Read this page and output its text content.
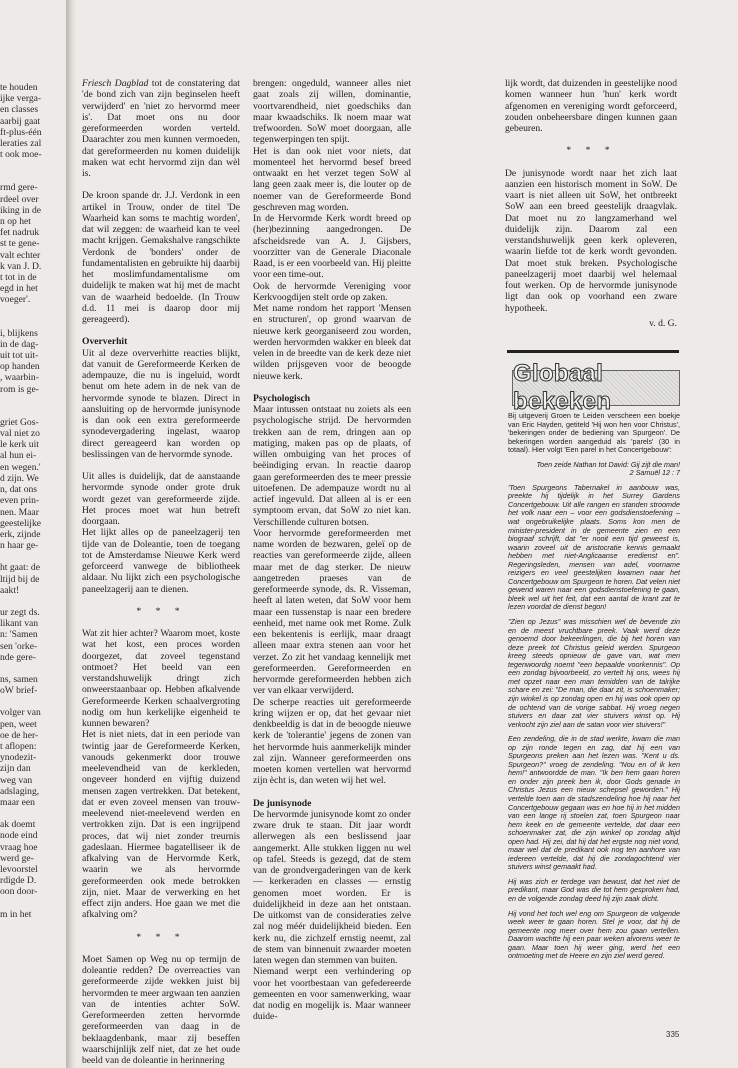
te houden
ijke verga-
en classes
aarbij gaat
ft-plus-één
leraties zal
t ook moe-
rmd gere-
rdeel over
iking in de
n op het
fet nadruk
st te gene-
valt echter
k van J. D.
t tot in de
egd in het
voeger'.
i, blijkens
in de dag-
uit tot uit-
op handen
, waarbin-
rom is ge-
griet Gos-
val niet zo
le kerk uit
al hun ei-
en wegen.'
d zijn. We
n, dat ons
even prin-
nen. Maar
geestelijke
erk, zijnde
n haar ge-
ht gaat: de
ltijd bij de
aakt!
ur zegt ds.
likant van
n: 'Samen
sen 'orke-
nde gere-
ns, samen
oW brief-
volger van
pen, weet
oe de her-
t aflopen:
ynodezit-
zijn dan
weg van
adslaging,
maar een
ak doemt
node eind
vraag hoe
werd ge-
levoorstel
rdigde D.
oon door-
m in het

Friesch Dagblad tot de constatering dat 'de bond zich van zijn beginselen heeft verwijderd' en 'niet zo hervormd meer is'. Dat moet ons nu door gereformeerden worden verteld. Daarachter zou men kunnen vermoeden, dat gereformeerden nu komen duidelijk maken wat echt hervormd zijn dan wèl is.

De kroon spande dr. J.J. Verdonk in een artikel in Trouw, onder de titel 'De Waarheid kan soms te machtig worden', dat wil zeggen: de waarheid kan te veel macht krijgen. Gemakshalve rangschikte Verdonk de 'bonders' onder de fundamentalisten en gebruikte hij daarbij het moslimfundamentalisme om duidelijk te maken wat hij met de macht van de waarheid bedoelde. (In Trouw d.d. 11 mei is daarop door mij gereageerd).

Oververhit

Uit al deze oververhitte reacties blijkt, dat vanuit de Gereformeerde Kerken de adempauze, die nu is ingeluid, wordt benut om hete adem in de nek van de hervormde synode te blazen. Direct in aansluiting op de hervormde junisynode is dan ook een extra gereformeerde synodevergadering ingelast, waarop direct gereageerd kan worden op beslissingen van de hervormde synode.

Uit alles is duidelijk, dat de aanstaande hervormde synode onder grote druk wordt gezet van gereformeerde zijde. Het proces moet wat hun betreft doorgaan.

Het lijkt alles op de paneelzagerij ten tijde van de Doleantie, toen de toegang tot de Amsterdamse Nieuwe Kerk werd geforceerd vanwege de bibliotheek aldaar. Nu lijkt zich een psychologische paneelzagerij aan te dienen.

* * *

Wat zit hier achter? Waarom moet, koste wat het kost, een proces worden doorgezet, dat zoveel tegenstand ontmoet? Het beeld van een verstandshuwelijk dringt zich onweerstaanbaar op. Hebben afkalvende Gereformeerde Kerken schaalvergroting nodig om hun kerkelijke eigenheid te kunnen bewaren?

Het is niet niets, dat in een periode van twintig jaar de Gereformeerde Kerken, vanouds gekenmerkt door trouwe meelevendheid van de kerkleden, ongeveer honderd en vijftig duizend mensen zagen vertrekken. Dat betekent, dat er even zoveel mensen van trouw-meelevend niet-meelevend werden en vertrokken zijn. Dat is een ingrijpend proces, dat wij niet zonder treurnis gadeslaan. Hiermee bagatelliseer ik de afkalving van de Hervormde Kerk, waarin we als hervormde gereformeerden ook mede betrokken zijn, niet. Maar de verwerking en het effect zijn anders. Hoe gaan we met die afkalving om?

* * *

Moet Samen op Weg nu op termijn de doleantie redden? De overreacties van gereformeerde zijde wekken juist bij hervormden te meer argwaan ten aanzien van de intenties achter SoW. Gereformeerden zetten hervormde gereformeerden van daag in de beklaagdenbank, maar zij beseffen waarschijnlijk zelf niet, dat ze het oude beeld van de doleantie in herinnering

brengen: ongeduld, wanneer alles niet gaat zoals zij willen, dominantie, voortvarendheid, niet goedschiks dan maar kwaadschiks. Ik noem maar wat trefwoorden. SoW moet doorgaan, alle tegenwerpingen ten spijt.

Het is dan ook niet voor niets, dat momenteel het hervormd besef breed ontwaakt en het verzet tegen SoW al lang geen zaak meer is, die louter op de noemer van de Gereformeerde Bond geschreven mag worden.

In de Hervormde Kerk wordt breed op (her)bezinning aangedrongen. De afscheidsrede van A. J. Gijsbers, voorzitter van de Generale Diaconale Raad, is er een voorbeeld van. Hij pleitte voor een time-out.

Ook de hervormde Vereniging voor Kerkvoogdijen stelt orde op zaken.

Met name rondom het rapport 'Mensen en structuren', op grond waarvan de nieuwe kerk georganiseerd zou worden, werden hervormden wakker en bleek dat velen in de breedte van de kerk deze niet wilden prijsgeven voor de beoogde nieuwe kerk.

Psychologisch

Maar intussen ontstaat nu zoiets als een psychologische strijd. De hervormden trekken aan de rem, dringen aan op matiging, maken pas op de plaats, of willen ombuiging van het proces of beëindiging ervan. In reactie daarop gaan gereformeerden des te meer pressie uitoefenen. De adempauze wordt nu al actief ingevuld. Dat alleen al is er een symptoom ervan, dat SoW zo niet kan. Verschillende culturen botsen.

Voor hervormde gereformeerden met name worden de bezwaren, geleï op de reacties van gereformeerde zijde, alleen maar met de dag sterker. De nieuw aangetreden praeses van de gereformeerde synode, ds. R. Visseman, heeft al laten weten, dat SoW voor hem maar een tussenstap is naar een bredere eenheid, met name ook met Rome. Zulk een bekentenis is eerlijk, maar draagt alleen maar extra stenen aan voor het verzet. Zo zit het vandaag kennelijk met gereformeerden. Gereformeerden en hervormde gereformeerden hebben zich ver van elkaar verwijderd.

De scherpe reacties uit gereformeerde kring wijzen er op, dat het gevaar niet denkbeeldig is dat in de beoogde nieuwe kerk de 'tolerantie' jegens de zonen van het hervormde huis aanmerkelijk minder zal zijn. Wanneer gereformeerden ons moeten komen vertellen wat hervormd zijn ècht is, dan weten wij het wel.

De junisynode

De hervormde junisynode komt zo onder zware druk te staan. Dit jaar wordt allerwegen als een beslissend jaar aangemerkt. Alle stukken liggen nu wel op tafel. Steeds is gezegd, dat de stem van de grondvergaderingen van de kerk — kerkeraden en classes — ernstig genomen moet worden. Er is duidelijkheid in deze aan het ontstaan. De uitkomst van de consideraties zelve zal nog méér duidelijkheid bieden. Een kerk nu, die zichzelf ernstig neemt, zal de stem van binnenuit zwaarder moeten laten wegen dan stemmen van buiten.

Niemand werpt een verhindering op voor het voortbestaan van gefedereerde gemeenten en voor samenwerking, waar dat nodig en mogelijk is. Maar wanneer duide-

lijk wordt, dat duizenden in geestelijke nood komen wanneer hun 'hun' kerk wordt afgenomen en vereniging wordt geforceerd, zouden onbeheersbare dingen kunnen gaan gebeuren.

* * *

De junisynode wordt naar het zich laat aanzien een historisch moment in SoW. De vaart is niet alleen uit SoW, het ontbreekt SoW aan een breed geestelijk draagvlak. Dat moet nu zo langzamerhand wel duidelijk zijn. Daarom zal een verstandshuwelijk geen kerk opleveren, waarin liefde tot de kerk wordt gevonden. Dat moet stuk breken. Psychologische paneelzagerij moet daarbij wel helemaal fout werken. Op de hervormde junisynode ligt dan ook op voorhand een zware hypotheek.

v. d. G.
Globaal bekeken

Bij uitgeverij Groen te Leiden verscheen een boekje van Eric Hayden, getiteld 'Hij won hen voor Christus', 'bekeringen onder de bediening van Spurgeon'. De bekeringen worden aangeduid als 'parels' (30 in totaal). Hier volgt 'Een parel in het Concertgebouw':

Toen zeide Nathan tot David: Gij zijt die man!
2 Samuël 12 : 7

'Toen Spurgeons Tabernakel in aanbouw was, preekte hij tijdelijk in het Surrey Gardens Concertgebouw. Uit alle rangen en standen stroomde het volk naar een – voor een godsdienstoefening – wat ongebruikelijke plaats. Soms kon men de minister-president in de gemeente zien en een biograaf schrijft, dat "er nooit een tijd geweest is, waarin zoveel uit de aristocratie kennis gemaakt hebben met niet-Anglicaanse eredienst en". Regeringsleden, mensen van adel, voorname reizigers en veel geestelijken kwamen naar het Concertgebouw om Spurgeon te horen. Dat velen niet gewend waren naar een godsdienstoefening te gaan, bleek wel uit het feit, dat een aantal de krant zat te lezen voordat de dienst begon!

"Zien op Jezus" was misschien wel de bevende zin en de meest vruchtbare preek. Vaak werd deze genoemd door bekeerlingen, die bij het horen van deze preek tot Christus geleid werden. Spurgeon kreeg steeds opnieuw de gave van, wat men tegenwoordig noemt "een bepaalde voorkennis". Op een zondag bijvoorbeeld, zo vertelt hij ons, wees hij met opzet naar een man temidden van de talrijke schare en zei: "De man, die daar zit, is schoenmaker; zijn winkel is op zondag open en hij was ook open op de ochtend van de vorige sabbat. Hij vroeg negen stuivers en daar zat vier stuivers winst op. Hij verkocht zijn ziel aan de satan voor vier stuivers!"

Een zendeling, die in de stad werkte, kwam die man op zijn ronde tegen en zag, dat hij een van Spurgeons preken aan het lezen was. "Kent u ds. Spurgeon?" vroeg de zendeling. "Nou en of ik ken hem!" antwoordde de man. "Ik ben hem gaan horen en onder zijn preek ben ik, door Gods genade in Christus Jezus een nieuw schepsel geworden." Hij vertelde toen aan de stadszendeling hoe hij naar het Concertgebouw gegaan was en hoe hij in het midden van een lange rij stoelen zat, toen Spurgeon naar hem keek en de gemeente vertelde, dat daar een schoenmaker zat, die zijn winkel op zondag altijd open had. Hij zei, dat hij dat het ergste nog niet vond, maar wel dat de predikant ook nog ten aanhore van iedereen vertelde, dat hij die zondagochtend vier stuivers winst gemaakt had.

Hij was zich er terdege van bewust, dat het niet de predikant, maar God was die tot hem gesproken had, en de volgende zondag deed hij zijn zaak dicht.

Hij vond het toch wel eng om Spurgeon de volgende week weer te gaan horen. Stel je voor, dat hij de gemeente nog meer over hem zou gaan vertellen. Daarom wachtte hij een paar weken alvorens weer te gaan. Maar toen hij weer ging, werd het een ontmoeting met de Heere en zijn ziel werd gered.

335
